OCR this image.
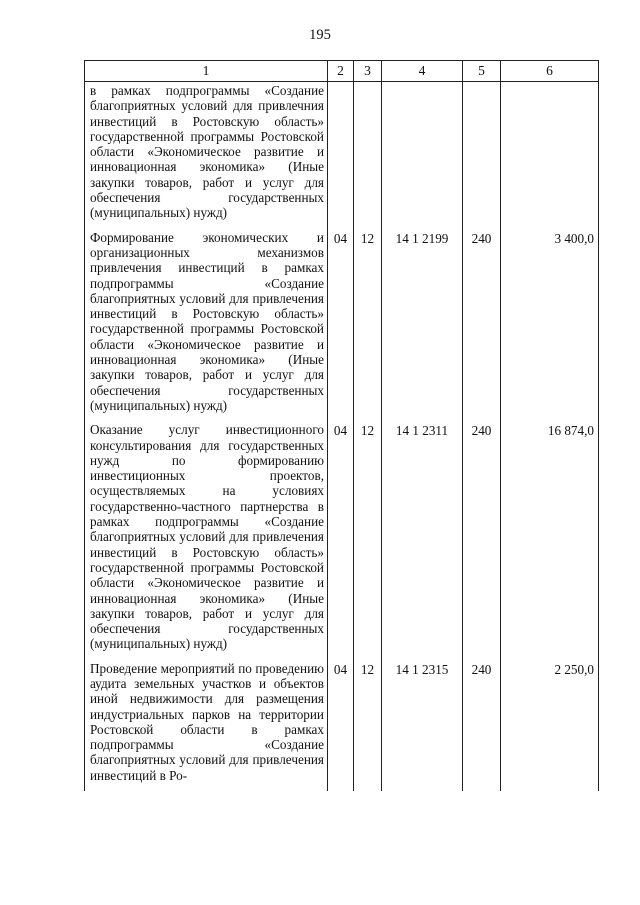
195
1	2	3	4	5	6
в рамках подпрограммы «Создание благоприятных условий для привлечния инвестиций в Ростовскую область» государственной программы Ростовской области «Экономическое развитие и инновационная экономика» (Иные закупки товаров, работ и услуг для обеспечения государственных (муниципальных) нужд)					
Формирование экономических и организационных механизмов привлечения инвестиций в рамках подпрограммы «Создание благоприятных условий для привлечения инвестиций в Ростовскую область» государственной программы Ростовской области «Экономическое развитие и инновационная экономика» (Иные закупки товаров, работ и услуг для обеспечения государственных (муниципальных) нужд)	04	12	14 1 2199	240	3 400,0
Оказание услуг инвестиционного консультирования для государственных нужд по формированию инвестиционных проектов, осуществляемых на условиях государственно-частного партнерства в рамках подпрограммы «Создание благоприятных условий для привлечения инвестиций в Ростовскую область» государственной программы Ростовской области «Экономическое развитие и инновационная экономика» (Иные закупки товаров, работ и услуг для обеспечения государственных (муниципальных) нужд)	04	12	14 1 2311	240	16 874,0
Проведение мероприятий по проведению аудита земельных участков и объектов иной недвижимости для размещения индустриальных парков на территории Ростовской области в рамках подпрограммы «Создание благоприятных условий для привлечения инвестиций в Ро-	04	12	14 1 2315	240	2 250,0
